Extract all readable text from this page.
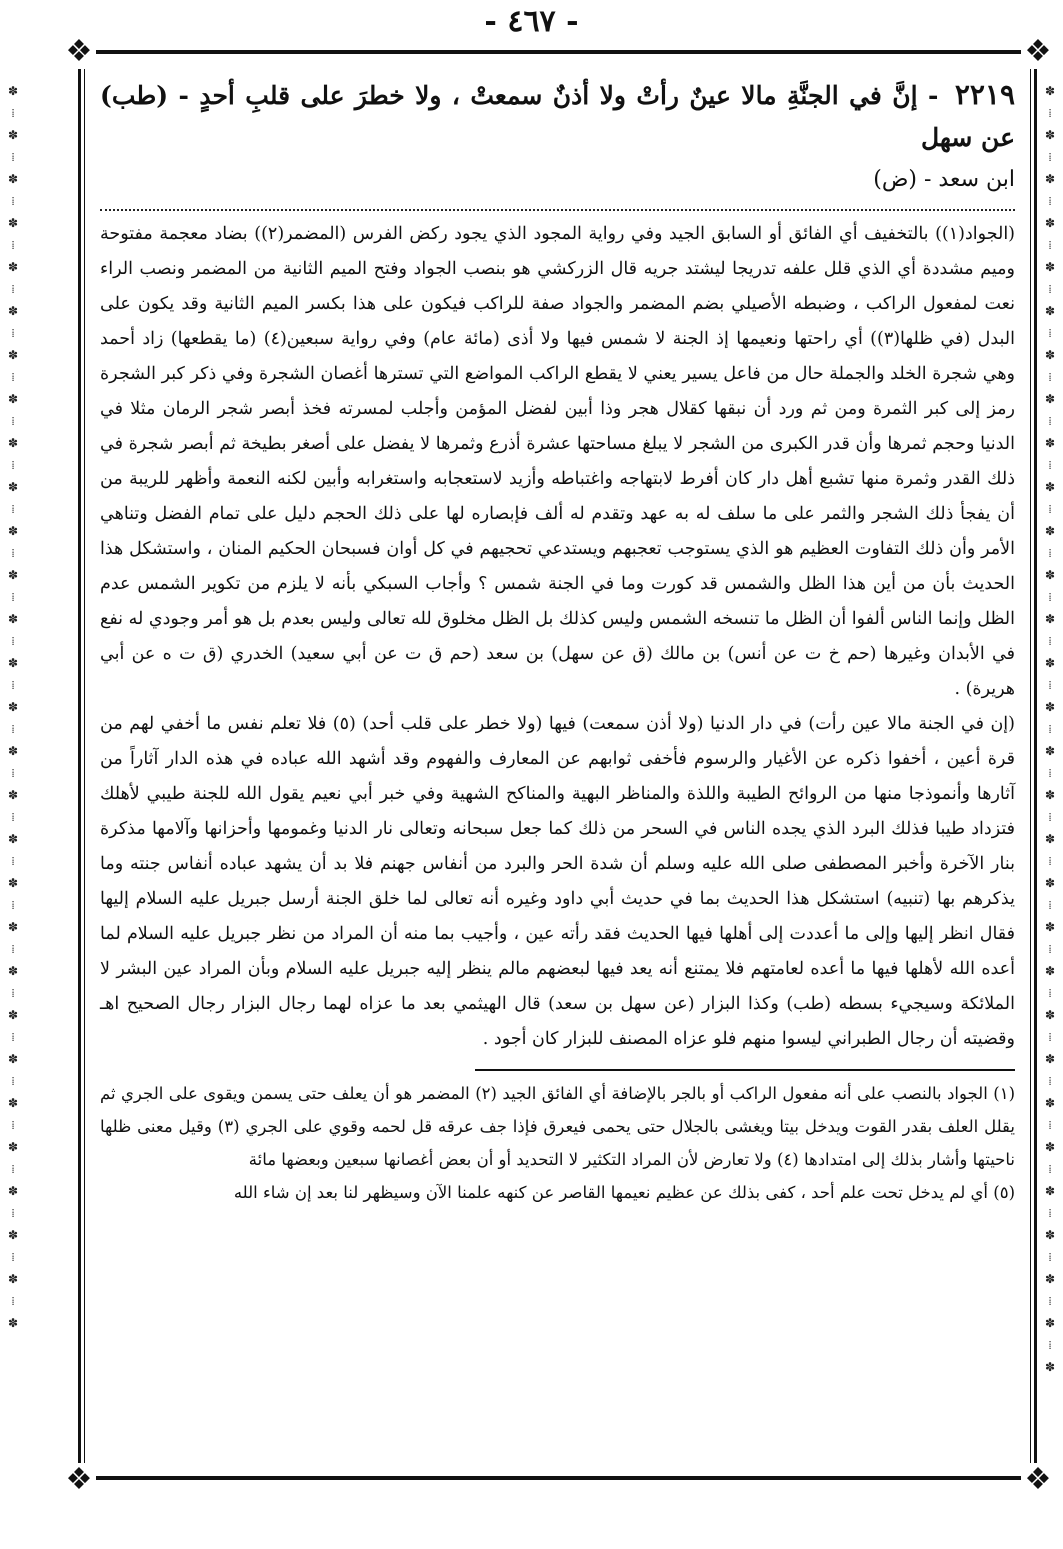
- ٤٦٧ -
❖	❖
❖	❖
✽
⁞
✽
⁞
✽
⁞
✽
⁞
✽
⁞
✽
⁞
✽
⁞
✽
⁞
✽
⁞
✽
⁞
✽
⁞
✽
⁞
✽
⁞
✽
⁞
✽
⁞
✽
⁞
✽
⁞
✽
⁞
✽
⁞
✽
⁞
✽
⁞
✽
⁞
✽
⁞
✽
⁞
✽
⁞
✽
⁞
✽
⁞
✽
⁞
✽
✽
⁞
✽
⁞
✽
⁞
✽
⁞
✽
⁞
✽
⁞
✽
⁞
✽
⁞
✽
⁞
✽
⁞
✽
⁞
✽
⁞
✽
⁞
✽
⁞
✽
⁞
✽
⁞
✽
⁞
✽
⁞
✽
⁞
✽
⁞
✽
⁞
✽
⁞
✽
⁞
✽
⁞
✽
⁞
✽
⁞
✽
⁞
✽
⁞
✽
⁞
✽
٢٢١٩ - إنَّ في الجنَّةِ مالا عينٌ رأتْ ولا أذنٌ سمعتْ ، ولا خطرَ على قلبِ أحدٍ - (طب) عن سهل
ابن سعد - (ض)

(الجواد(١)) بالتخفيف أي الفائق أو السابق الجيد وفي رواية المجود الذي يجود ركض الفرس (المضمر(٢)) بضاد معجمة مفتوحة وميم مشددة أي الذي قلل علفه تدريجا ليشتد جريه قال الزركشي هو بنصب الجواد وفتح الميم الثانية من المضمر ونصب الراء نعت لمفعول الراكب ، وضبطه الأصيلي بضم المضمر والجواد صفة للراكب فيكون على هذا بكسر الميم الثانية وقد يكون على البدل (في ظلها(٣)) أي راحتها ونعيمها إذ الجنة لا شمس فيها ولا أذى (مائة عام) وفي رواية سبعين(٤) (ما يقطعها) زاد أحمد وهي شجرة الخلد والجملة حال من فاعل يسير يعني لا يقطع الراكب المواضع التي تسترها أغصان الشجرة وفي ذكر كبر الشجرة رمز إلى كبر الثمرة ومن ثم ورد أن نبقها كقلال هجر وذا أبين لفضل المؤمن وأجلب لمسرته فخذ أبصر شجر الرمان مثلا في الدنيا وحجم ثمرها وأن قدر الكبرى من الشجر لا يبلغ مساحتها عشرة أذرع وثمرها لا يفضل على أصغر بطيخة ثم أبصر شجرة في ذلك القدر وثمرة منها تشبع أهل دار كان أفرط لابتهاجه واغتباطه وأزيد لاستعجابه واستغرابه وأبين لكنه النعمة وأظهر للريبة من أن يفجأ ذلك الشجر والثمر على ما سلف له به عهد وتقدم له ألف فإبصاره لها على ذلك الحجم دليل على تمام الفضل وتناهي الأمر وأن ذلك التفاوت العظيم هو الذي يستوجب تعجبهم ويستدعي تحجيهم في كل أوان فسبحان الحكيم المنان ، واستشكل هذا الحديث بأن من أين هذا الظل والشمس قد كورت وما في الجنة شمس ؟ وأجاب السبكي بأنه لا يلزم من تكوير الشمس عدم الظل وإنما الناس ألفوا أن الظل ما تنسخه الشمس وليس كذلك بل الظل مخلوق لله تعالى وليس بعدم بل هو أمر وجودي له نفع في الأبدان وغيرها (حم خ ت عن أنس) بن مالك (ق عن سهل) بن سعد (حم ق ت عن أبي سعيد) الخدري (ق ت ه عن أبي هريرة) .

(إن في الجنة مالا عين رأت) في دار الدنيا (ولا أذن سمعت) فيها (ولا خطر على قلب أحد) (٥) فلا تعلم نفس ما أخفي لهم من قرة أعين ، أخفوا ذكره عن الأغيار والرسوم فأخفى ثوابهم عن المعارف والفهوم وقد أشهد الله عباده في هذه الدار آثاراً من آثارها وأنموذجا منها من الروائح الطيبة واللذة والمناظر البهية والمناكح الشهية وفي خبر أبي نعيم يقول الله للجنة طيبي لأهلك فتزداد طيبا فذلك البرد الذي يجده الناس في السحر من ذلك كما جعل سبحانه وتعالى نار الدنيا وغمومها وأحزانها وآلامها مذكرة بنار الآخرة وأخبر المصطفى صلى الله عليه وسلم أن شدة الحر والبرد من أنفاس جهنم فلا بد أن يشهد عباده أنفاس جنته وما يذكرهم بها (تنبيه) استشكل هذا الحديث بما في حديث أبي داود وغيره أنه تعالى لما خلق الجنة أرسل جبريل عليه السلام إليها فقال انظر إليها وإلى ما أعددت إلى أهلها فيها الحديث فقد رأته عين ، وأجيب بما منه أن المراد من نظر جبريل عليه السلام لما أعده الله لأهلها فيها ما أعده لعامتهم فلا يمتنع أنه يعد فيها لبعضهم مالم ينظر إليه جبريل عليه السلام وبأن المراد عين البشر لا الملائكة وسيجيء بسطه (طب) وكذا البزار (عن سهل بن سعد) قال الهيثمي بعد ما عزاه لهما رجال البزار رجال الصحيح اهـ وقضيته أن رجال الطبراني ليسوا منهم فلو عزاه المصنف للبزار كان أجود .

(١) الجواد بالنصب على أنه مفعول الراكب أو بالجر بالإضافة أي الفائق الجيد (٢) المضمر هو أن يعلف حتى يسمن ويقوى على الجري ثم يقلل العلف بقدر القوت ويدخل بيتا ويغشى بالجلال حتى يحمى فيعرق فإذا جف عرقه قل لحمه وقوي على الجري (٣) وقيل معنى ظلها ناحيتها وأشار بذلك إلى امتدادها (٤) ولا تعارض لأن المراد التكثير لا التحديد أو أن بعض أغصانها سبعين وبعضها مائة

(٥) أي لم يدخل تحت علم أحد ، كفى بذلك عن عظيم نعيمها القاصر عن كنهه علمنا الآن وسيظهر لنا بعد إن شاء الله
